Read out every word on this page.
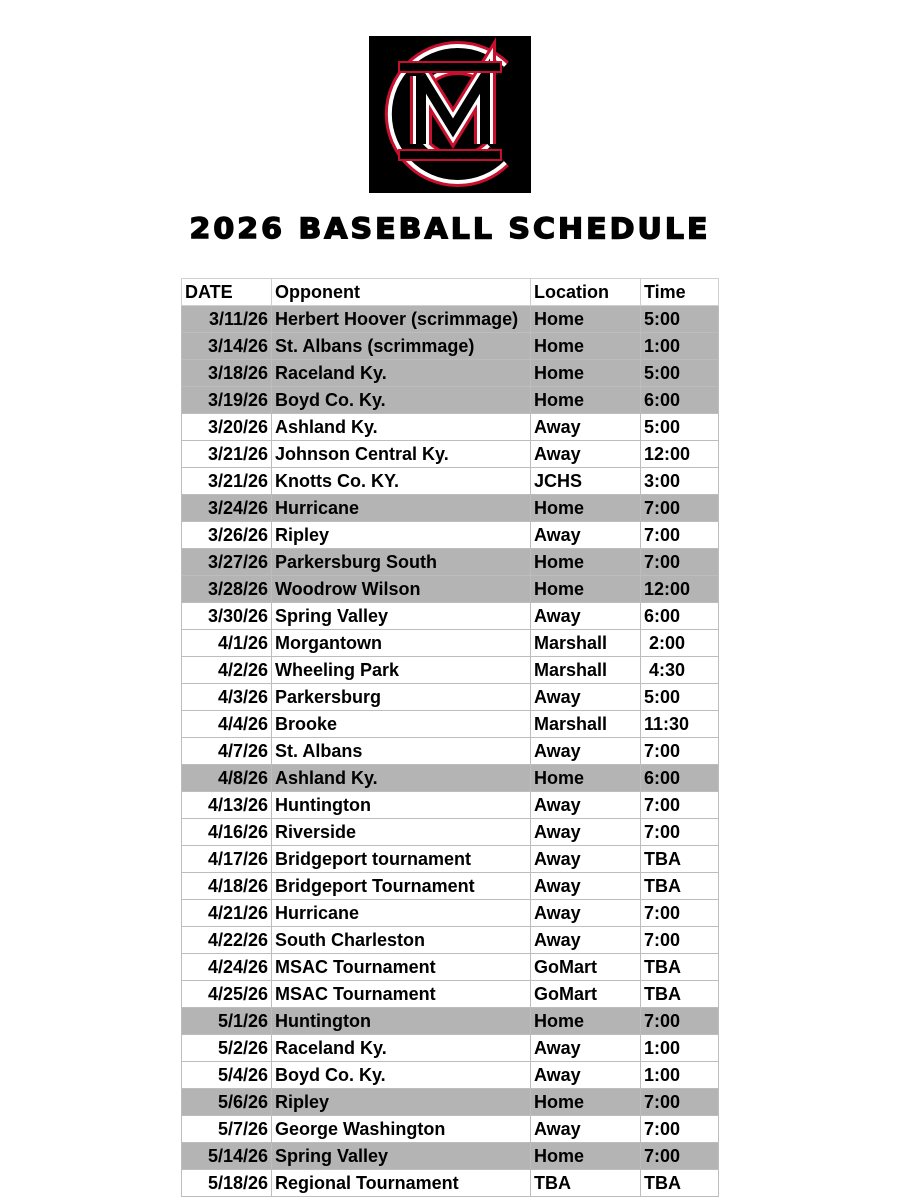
2026 BASEBALL SCHEDULE
DATE	Opponent	Location	Time
3/11/26	Herbert Hoover (scrimmage)	Home	5:00
3/14/26	St. Albans (scrimmage)	Home	1:00
3/18/26	Raceland Ky.	Home	5:00
3/19/26	Boyd Co. Ky.	Home	6:00
3/20/26	Ashland Ky.	Away	5:00
3/21/26	Johnson Central Ky.	Away	12:00
3/21/26	Knotts Co. KY.	JCHS	3:00
3/24/26	Hurricane	Home	7:00
3/26/26	Ripley	Away	7:00
3/27/26	Parkersburg South	Home	7:00
3/28/26	Woodrow Wilson	Home	12:00
3/30/26	Spring Valley	Away	6:00
4/1/26	Morgantown	Marshall	2:00
4/2/26	Wheeling Park	Marshall	4:30
4/3/26	Parkersburg	Away	5:00
4/4/26	Brooke	Marshall	11:30
4/7/26	St. Albans	Away	7:00
4/8/26	Ashland Ky.	Home	6:00
4/13/26	Huntington	Away	7:00
4/16/26	Riverside	Away	7:00
4/17/26	Bridgeport tournament	Away	TBA
4/18/26	Bridgeport Tournament	Away	TBA
4/21/26	Hurricane	Away	7:00
4/22/26	South Charleston	Away	7:00
4/24/26	MSAC Tournament	GoMart	TBA
4/25/26	MSAC Tournament	GoMart	TBA
5/1/26	Huntington	Home	7:00
5/2/26	Raceland Ky.	Away	1:00
5/4/26	Boyd Co. Ky.	Away	1:00
5/6/26	Ripley	Home	7:00
5/7/26	George Washington	Away	7:00
5/14/26	Spring Valley	Home	7:00
5/18/26	Regional Tournament	TBA	TBA
